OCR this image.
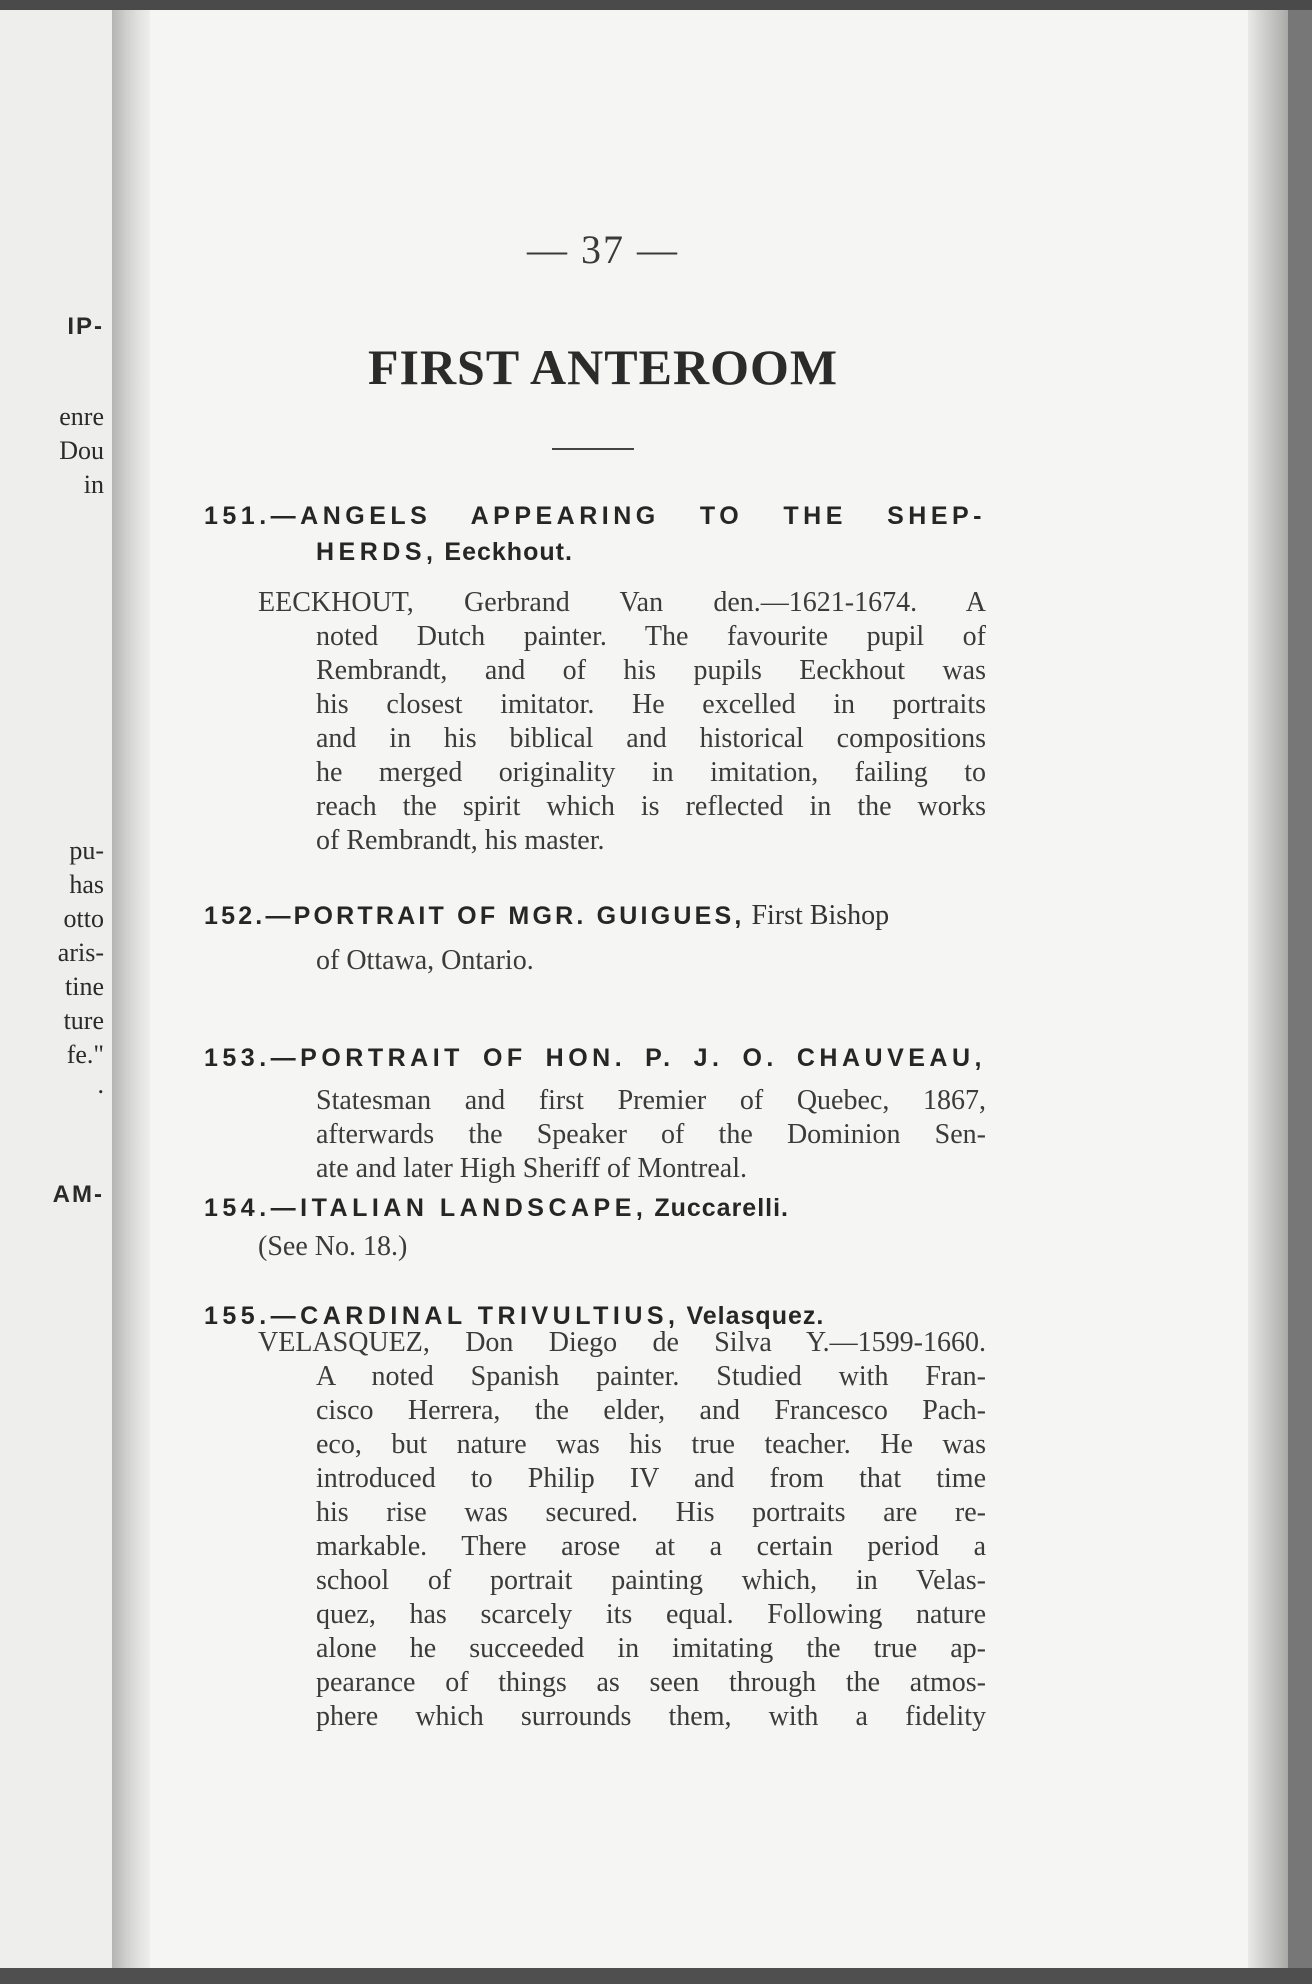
IP-
enre
Dou
in
pu-
has
otto
aris-
tine
ture
fe."
.
AM-
— 37 —
FIRST ANTEROOM
151.—ANGELS APPEARING TO THE SHEP-
HERDS, Eeckhout.
EECKHOUT, Gerbrand Van den.—1621-1674. A
noted Dutch painter. The favourite pupil of
Rembrandt, and of his pupils Eeckhout was
his closest imitator. He excelled in portraits
and in his biblical and historical compositions
he merged originality in imitation, failing to
reach the spirit which is reflected in the works
of Rembrandt, his master.
152.—PORTRAIT OF MGR. GUIGUES, First Bishop
of Ottawa, Ontario.
153.—PORTRAIT OF HON. P. J. O. CHAUVEAU,
Statesman and first Premier of Quebec, 1867,
afterwards the Speaker of the Dominion Sen-
ate and later High Sheriff of Montreal.
154.—ITALIAN LANDSCAPE, Zuccarelli.
(See No. 18.)
155.—CARDINAL TRIVULTIUS, Velasquez.
VELASQUEZ, Don Diego de Silva Y.—1599-1660.
A noted Spanish painter. Studied with Fran-
cisco Herrera, the elder, and Francesco Pach-
eco, but nature was his true teacher. He was
introduced to Philip IV and from that time
his rise was secured. His portraits are re-
markable. There arose at a certain period a
school of portrait painting which, in Velas-
quez, has scarcely its equal. Following nature
alone he succeeded in imitating the true ap-
pearance of things as seen through the atmos-
phere which surrounds them, with a fidelity
